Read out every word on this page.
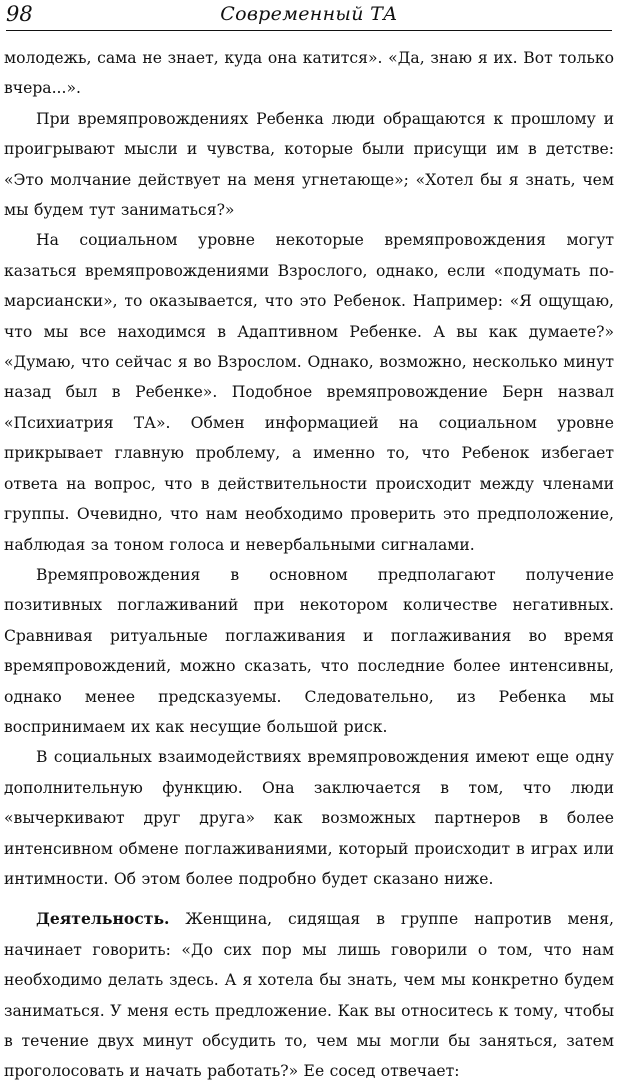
98	Современный ТА

молодежь, сама не знает, куда она катится». «Да, знаю я их. Вот только вчера...».

При времяпровождениях Ребенка люди обращаются к прошлому и проигрывают мысли и чувства, которые были присущи им в детстве: «Это молчание действует на меня угнетающе»; «Хотел бы я знать, чем мы будем тут заниматься?»

На социальном уровне некоторые времяпровождения могут казаться времяпровождениями Взрослого, однако, если «подумать по-марсиански», то оказывается, что это Ребенок. Например: «Я ощущаю, что мы все находимся в Адаптивном Ребенке. А вы как думаете?» «Думаю, что сейчас я во Взрослом. Однако, возможно, несколько минут назад был в Ребенке». Подобное времяпровождение Берн назвал «Психиатрия ТА». Обмен информацией на социальном уровне прикрывает главную проблему, а именно то, что Ребенок избегает ответа на вопрос, что в действительности происходит между членами группы. Очевидно, что нам необходимо проверить это предположение, наблюдая за тоном голоса и невербальными сигналами.

Времяпровождения в основном предполагают получение позитивных поглаживаний при некотором количестве негативных. Сравнивая ритуальные поглаживания и поглаживания во время времяпровождений, можно сказать, что последние более интенсивны, однако менее предсказуемы. Следовательно, из Ребенка мы воспринимаем их как несущие большой риск.

В социальных взаимодействиях времяпровождения имеют еще одну дополнительную функцию. Она заключается в том, что люди «вычеркивают друг друга» как возможных партнеров в более интенсивном обмене поглаживаниями, который происходит в играх или интимности. Об этом более подробно будет сказано ниже.

Деятельность. Женщина, сидящая в группе напротив меня, начинает говорить: «До сих пор мы лишь говорили о том, что нам необходимо делать здесь. А я хотела бы знать, чем мы конкретно будем заниматься. У меня есть предложение. Как вы относитесь к тому, чтобы в течение двух минут обсудить то, чем мы могли бы заняться, затем проголосовать и начать работать?» Ее сосед отвечает:
